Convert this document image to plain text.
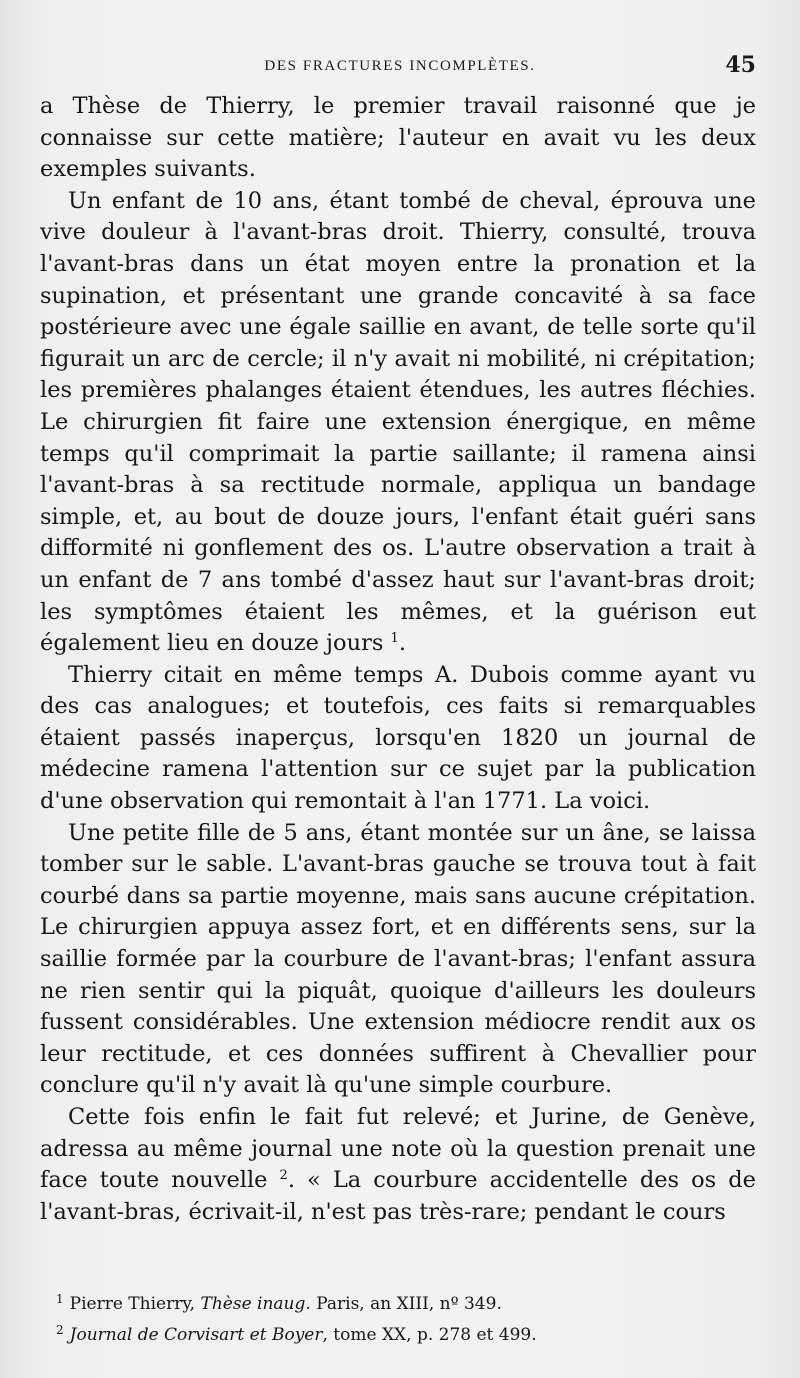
DES FRACTURES INCOMPLÈTES.	45

a Thèse de Thierry, le premier travail raisonné que je connaisse sur cette matière; l'auteur en avait vu les deux exemples suivants.

Un enfant de 10 ans, étant tombé de cheval, éprouva une vive douleur à l'avant-bras droit. Thierry, consulté, trouva l'avant-bras dans un état moyen entre la pronation et la supination, et présentant une grande concavité à sa face postérieure avec une égale saillie en avant, de telle sorte qu'il figurait un arc de cercle; il n'y avait ni mobilité, ni crépitation; les premières phalanges étaient étendues, les autres fléchies. Le chirurgien fit faire une extension énergique, en même temps qu'il comprimait la partie saillante; il ramena ainsi l'avant-bras à sa rectitude normale, appliqua un bandage simple, et, au bout de douze jours, l'enfant était guéri sans difformité ni gonflement des os. L'autre observation a trait à un enfant de 7 ans tombé d'assez haut sur l'avant-bras droit; les symptômes étaient les mêmes, et la guérison eut également lieu en douze jours $^1$.

Thierry citait en même temps A. Dubois comme ayant vu des cas analogues; et toutefois, ces faits si remarquables étaient passés inaperçus, lorsqu'en 1820 un journal de médecine ramena l'attention sur ce sujet par la publication d'une observation qui remontait à l'an 1771. La voici.

Une petite fille de 5 ans, étant montée sur un âne, se laissa tomber sur le sable. L'avant-bras gauche se trouva tout à fait courbé dans sa partie moyenne, mais sans aucune crépitation. Le chirurgien appuya assez fort, et en différents sens, sur la saillie formée par la courbure de l'avant-bras; l'enfant assura ne rien sentir qui la piquât, quoique d'ailleurs les douleurs fussent considérables. Une extension médiocre rendit aux os leur rectitude, et ces données suffirent à Chevallier pour conclure qu'il n'y avait là qu'une simple courbure.

Cette fois enfin le fait fut relevé; et Jurine, de Genève, adressa au même journal une note où la question prenait une face toute nouvelle $^2$. « La courbure accidentelle des os de l'avant-bras, écrivait-il, n'est pas très-rare; pendant le cours

$^1$ Pierre Thierry, Thèse inaug. Paris, an XIII, nº 349.

$^2$ Journal de Corvisart et Boyer, tome XX, p. 278 et 499.
